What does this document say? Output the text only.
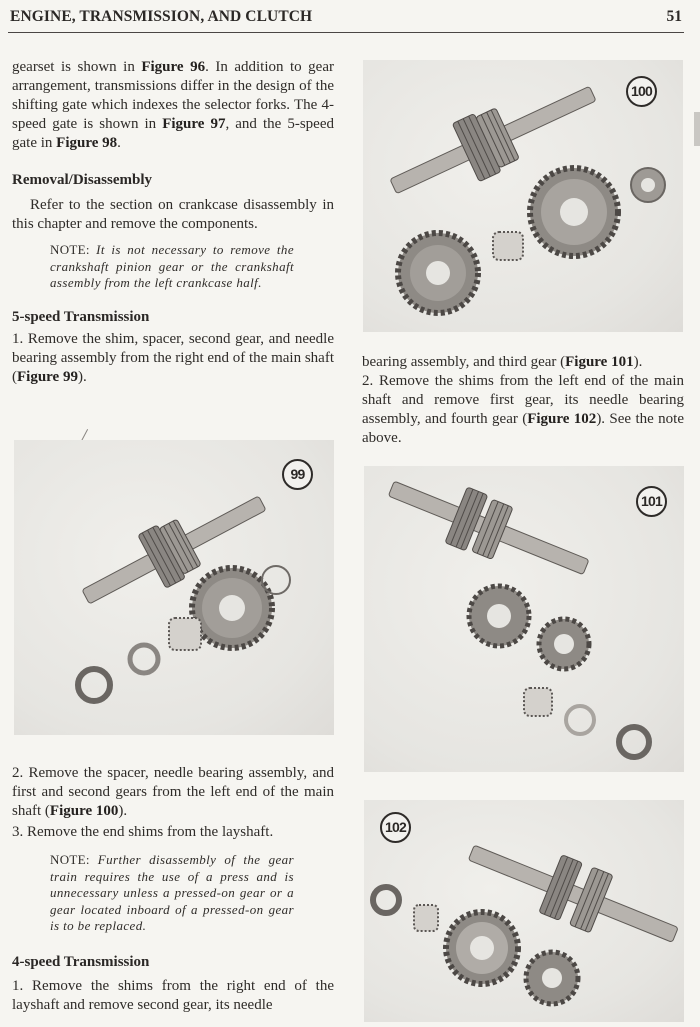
ENGINE, TRANSMISSION, AND CLUTCH	51

gearset is shown in Figure 96. In addition to gear arrangement, transmissions differ in the design of the shifting gate which indexes the selector forks. The 4-speed gate is shown in Figure 97, and the 5-speed gate in Figure 98.

Removal/Disassembly

Refer to the section on crankcase disassembly in this chapter and remove the components.

NOTE: It is not necessary to remove the crankshaft pinion gear or the crankshaft assembly from the left crankcase half.

5-speed Transmission

1. Remove the shim, spacer, second gear, and needle bearing assembly from the right end of the main shaft (Figure 99).

99

2. Remove the spacer, needle bearing assembly, and first and second gears from the left end of the main shaft (Figure 100).

3. Remove the end shims from the layshaft.

NOTE: Further disassembly of the gear train requires the use of a press and is unnecessary unless a pressed-on gear or a gear located inboard of a pressed-on gear is to be replaced.

4-speed Transmission

1. Remove the shims from the right end of the layshaft and remove second gear, its needle

100

bearing assembly, and third gear (Figure 101).

2. Remove the shims from the left end of the main shaft and remove first gear, its needle bearing assembly, and fourth gear (Figure 102). See the note above.

101
102
